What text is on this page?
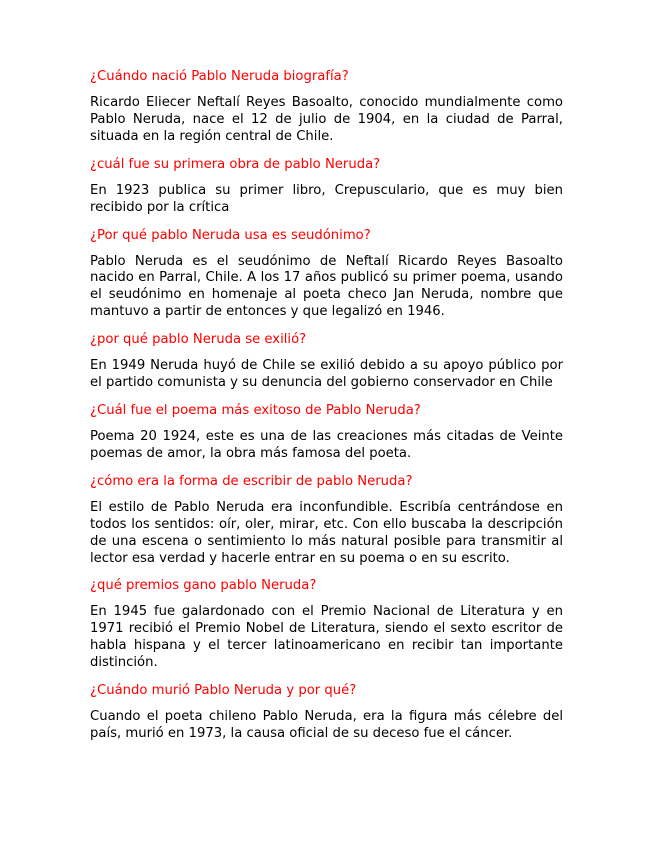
¿Cuándo nació Pablo Neruda biografía?

Ricardo Eliecer Neftalí Reyes Basoalto, conocido mundialmente como Pablo Neruda, nace el 12 de julio de 1904, en la ciudad de Parral, situada en la región central de Chile.

¿cuál fue su primera obra de pablo Neruda?

En 1923 publica su primer libro, Crepusculario, que es muy bien recibido por la crítica

¿Por qué pablo Neruda usa es seudónimo?

Pablo Neruda es el seudónimo de Neftalí Ricardo Reyes Basoalto nacido en Parral, Chile. A los 17 años publicó su primer poema, usando el seudónimo en homenaje al poeta checo Jan Neruda, nombre que mantuvo a partir de entonces y que legalizó en 1946.

¿por qué pablo Neruda se exilió?

En 1949 Neruda huyó de Chile se exilió debido a su apoyo público por el partido comunista y su denuncia del gobierno conservador en Chile

¿Cuál fue el poema más exitoso de Pablo Neruda?

Poema 20 1924, este es una de las creaciones más citadas de Veinte poemas de amor, la obra más famosa del poeta.

¿cómo era la forma de escribir de pablo Neruda?

El estilo de Pablo Neruda era inconfundible. Escribía centrándose en todos los sentidos: oír, oler, mirar, etc. Con ello buscaba la descripción de una escena o sentimiento lo más natural posible para transmitir al lector esa verdad y hacerle entrar en su poema o en su escrito.

¿qué premios gano pablo Neruda?

En 1945 fue galardonado con el Premio Nacional de Literatura y en 1971 recibió el Premio Nobel de Literatura, siendo el sexto escritor de habla hispana y el tercer latinoamericano en recibir tan importante distinción.

¿Cuándo murió Pablo Neruda y por qué?

Cuando el poeta chileno Pablo Neruda, era la figura más célebre del país, murió en 1973, la causa oficial de su deceso fue el cáncer.
